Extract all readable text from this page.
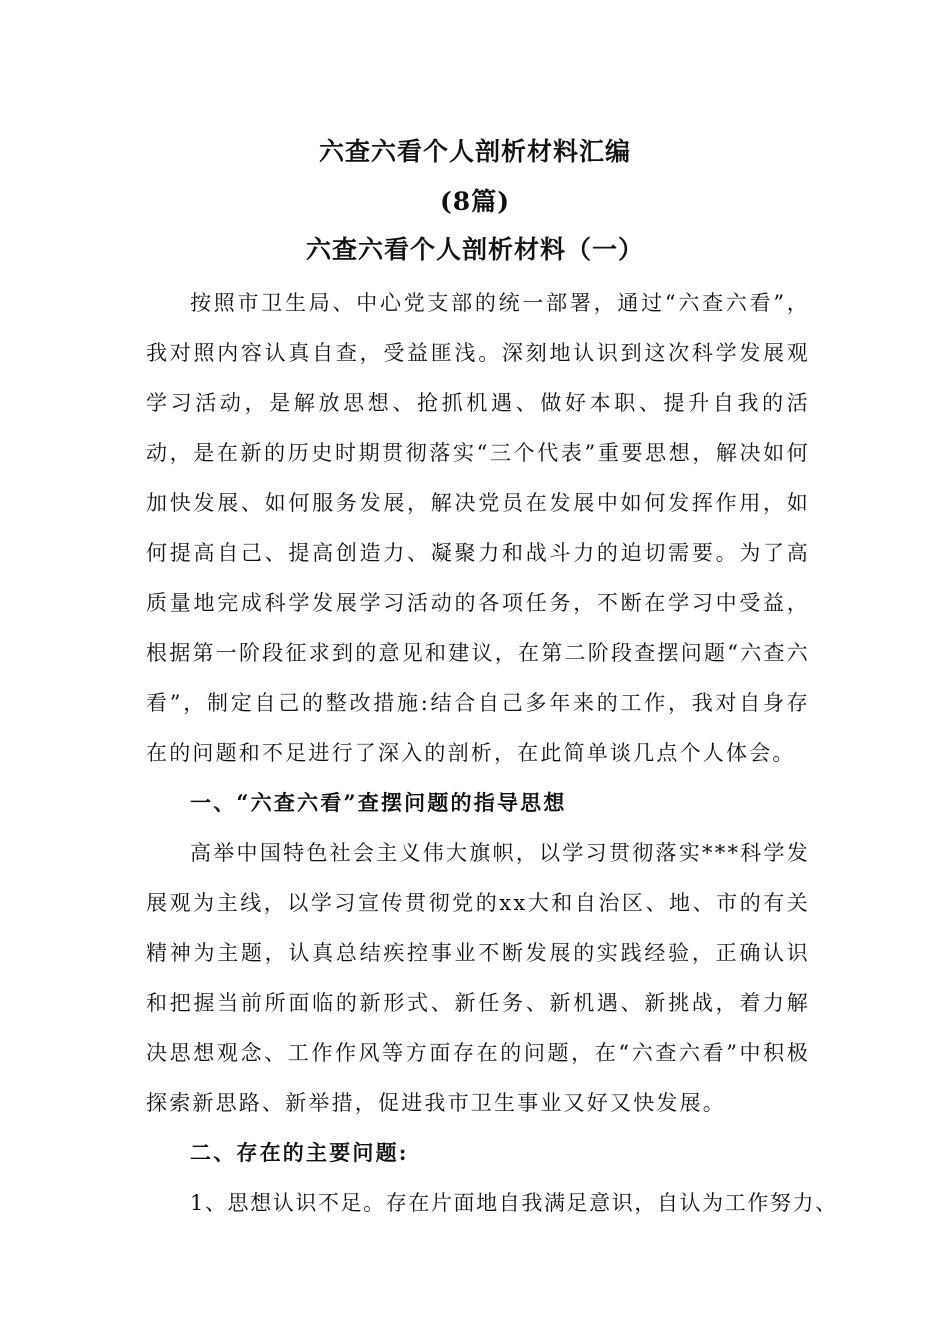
六查六看个人剖析材料汇编
(8篇)
六查六看个人剖析材料（一）

按照市卫生局、中心党支部的统一部署，通过“六查六看”，我对照内容认真自查，受益匪浅。深刻地认识到这次科学发展观学习活动，是解放思想、抢抓机遇、做好本职、提升自我的活动，是在新的历史时期贯彻落实“三个代表”重要思想，解决如何加快发展、如何服务发展，解决党员在发展中如何发挥作用，如何提高自己、提高创造力、凝聚力和战斗力的迫切需要。为了高质量地完成科学发展学习活动的各项任务，不断在学习中受益，根据第一阶段征求到的意见和建议，在第二阶段查摆问题“六查六看”，制定自己的整改措施:结合自己多年来的工作，我对自身存在的问题和不足进行了深入的剖析，在此简单谈几点个人体会。

一、“六查六看”查摆问题的指导思想

高举中国特色社会主义伟大旗帜，以学习贯彻落实***科学发展观为主线，以学习宣传贯彻党的xx大和自治区、地、市的有关精神为主题，认真总结疾控事业不断发展的实践经验，正确认识和把握当前所面临的新形式、新任务、新机遇、新挑战，着力解决思想观念、工作作风等方面存在的问题，在“六查六看”中积极探索新思路、新举措，促进我市卫生事业又好又快发展。

二、存在的主要问题:

1、思想认识不足。存在片面地自我满足意识，自认为工作努力、
